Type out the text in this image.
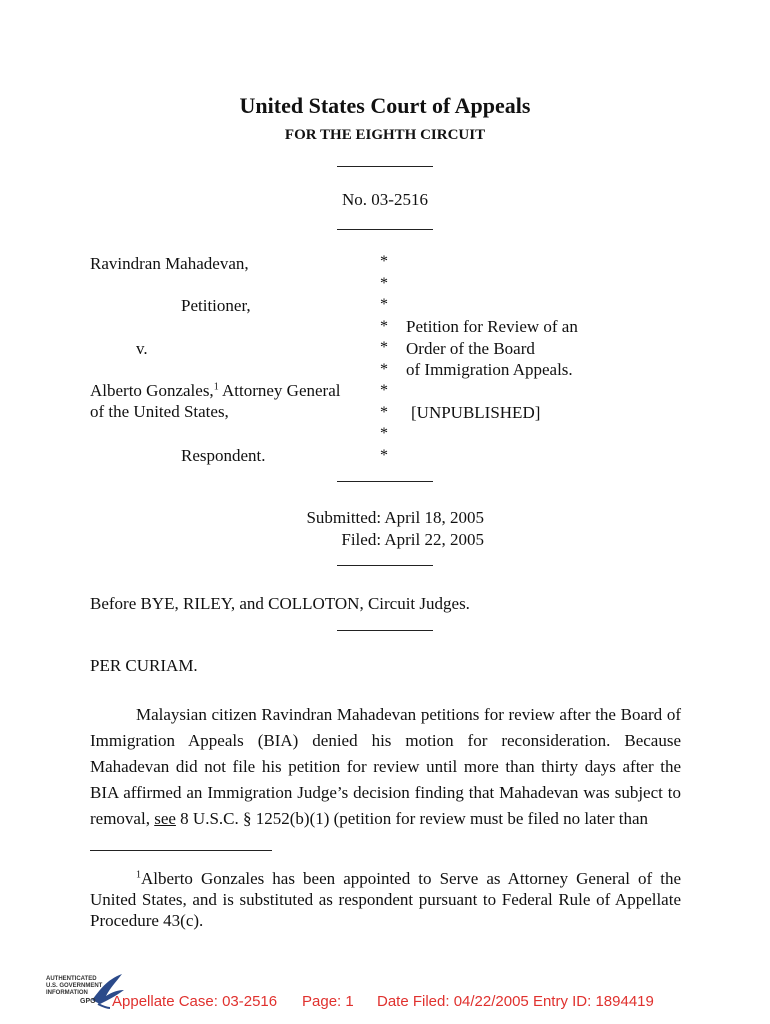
United States Court of Appeals
FOR THE EIGHTH CIRCUIT
No. 03-2516
Ravindran Mahadevan,
Petitioner,
v.
Alberto Gonzales,$^1$ Attorney General
of the United States,
Respondent.
*
*
*
*
*
*
*
*
*
*
Petition for Review of an
Order of the Board
of Immigration Appeals.
[UNPUBLISHED]
Submitted: April 18, 2005
Filed: April 22, 2005
Before BYE, RILEY, and COLLOTON, Circuit Judges.
PER CURIAM.

Malaysian citizen Ravindran Mahadevan petitions for review after the Board of Immigration Appeals (BIA) denied his motion for reconsideration. Because Mahadevan did not file his petition for review until more than thirty days after the BIA affirmed an Immigration Judge’s decision finding that Mahadevan was subject to removal, see 8 U.S.C. § 1252(b)(1) (petition for review must be filed no later than

$^1$Alberto Gonzales has been appointed to Serve as Attorney General of the United States, and is substituted as respondent pursuant to Federal Rule of Appellate Procedure 43(c).
AUTHENTICATED
U.S. GOVERNMENT
INFORMATION
GPO Appellate Case: 03-2516 Page: 1 Date Filed: 04/22/2005 Entry ID: 1894419
